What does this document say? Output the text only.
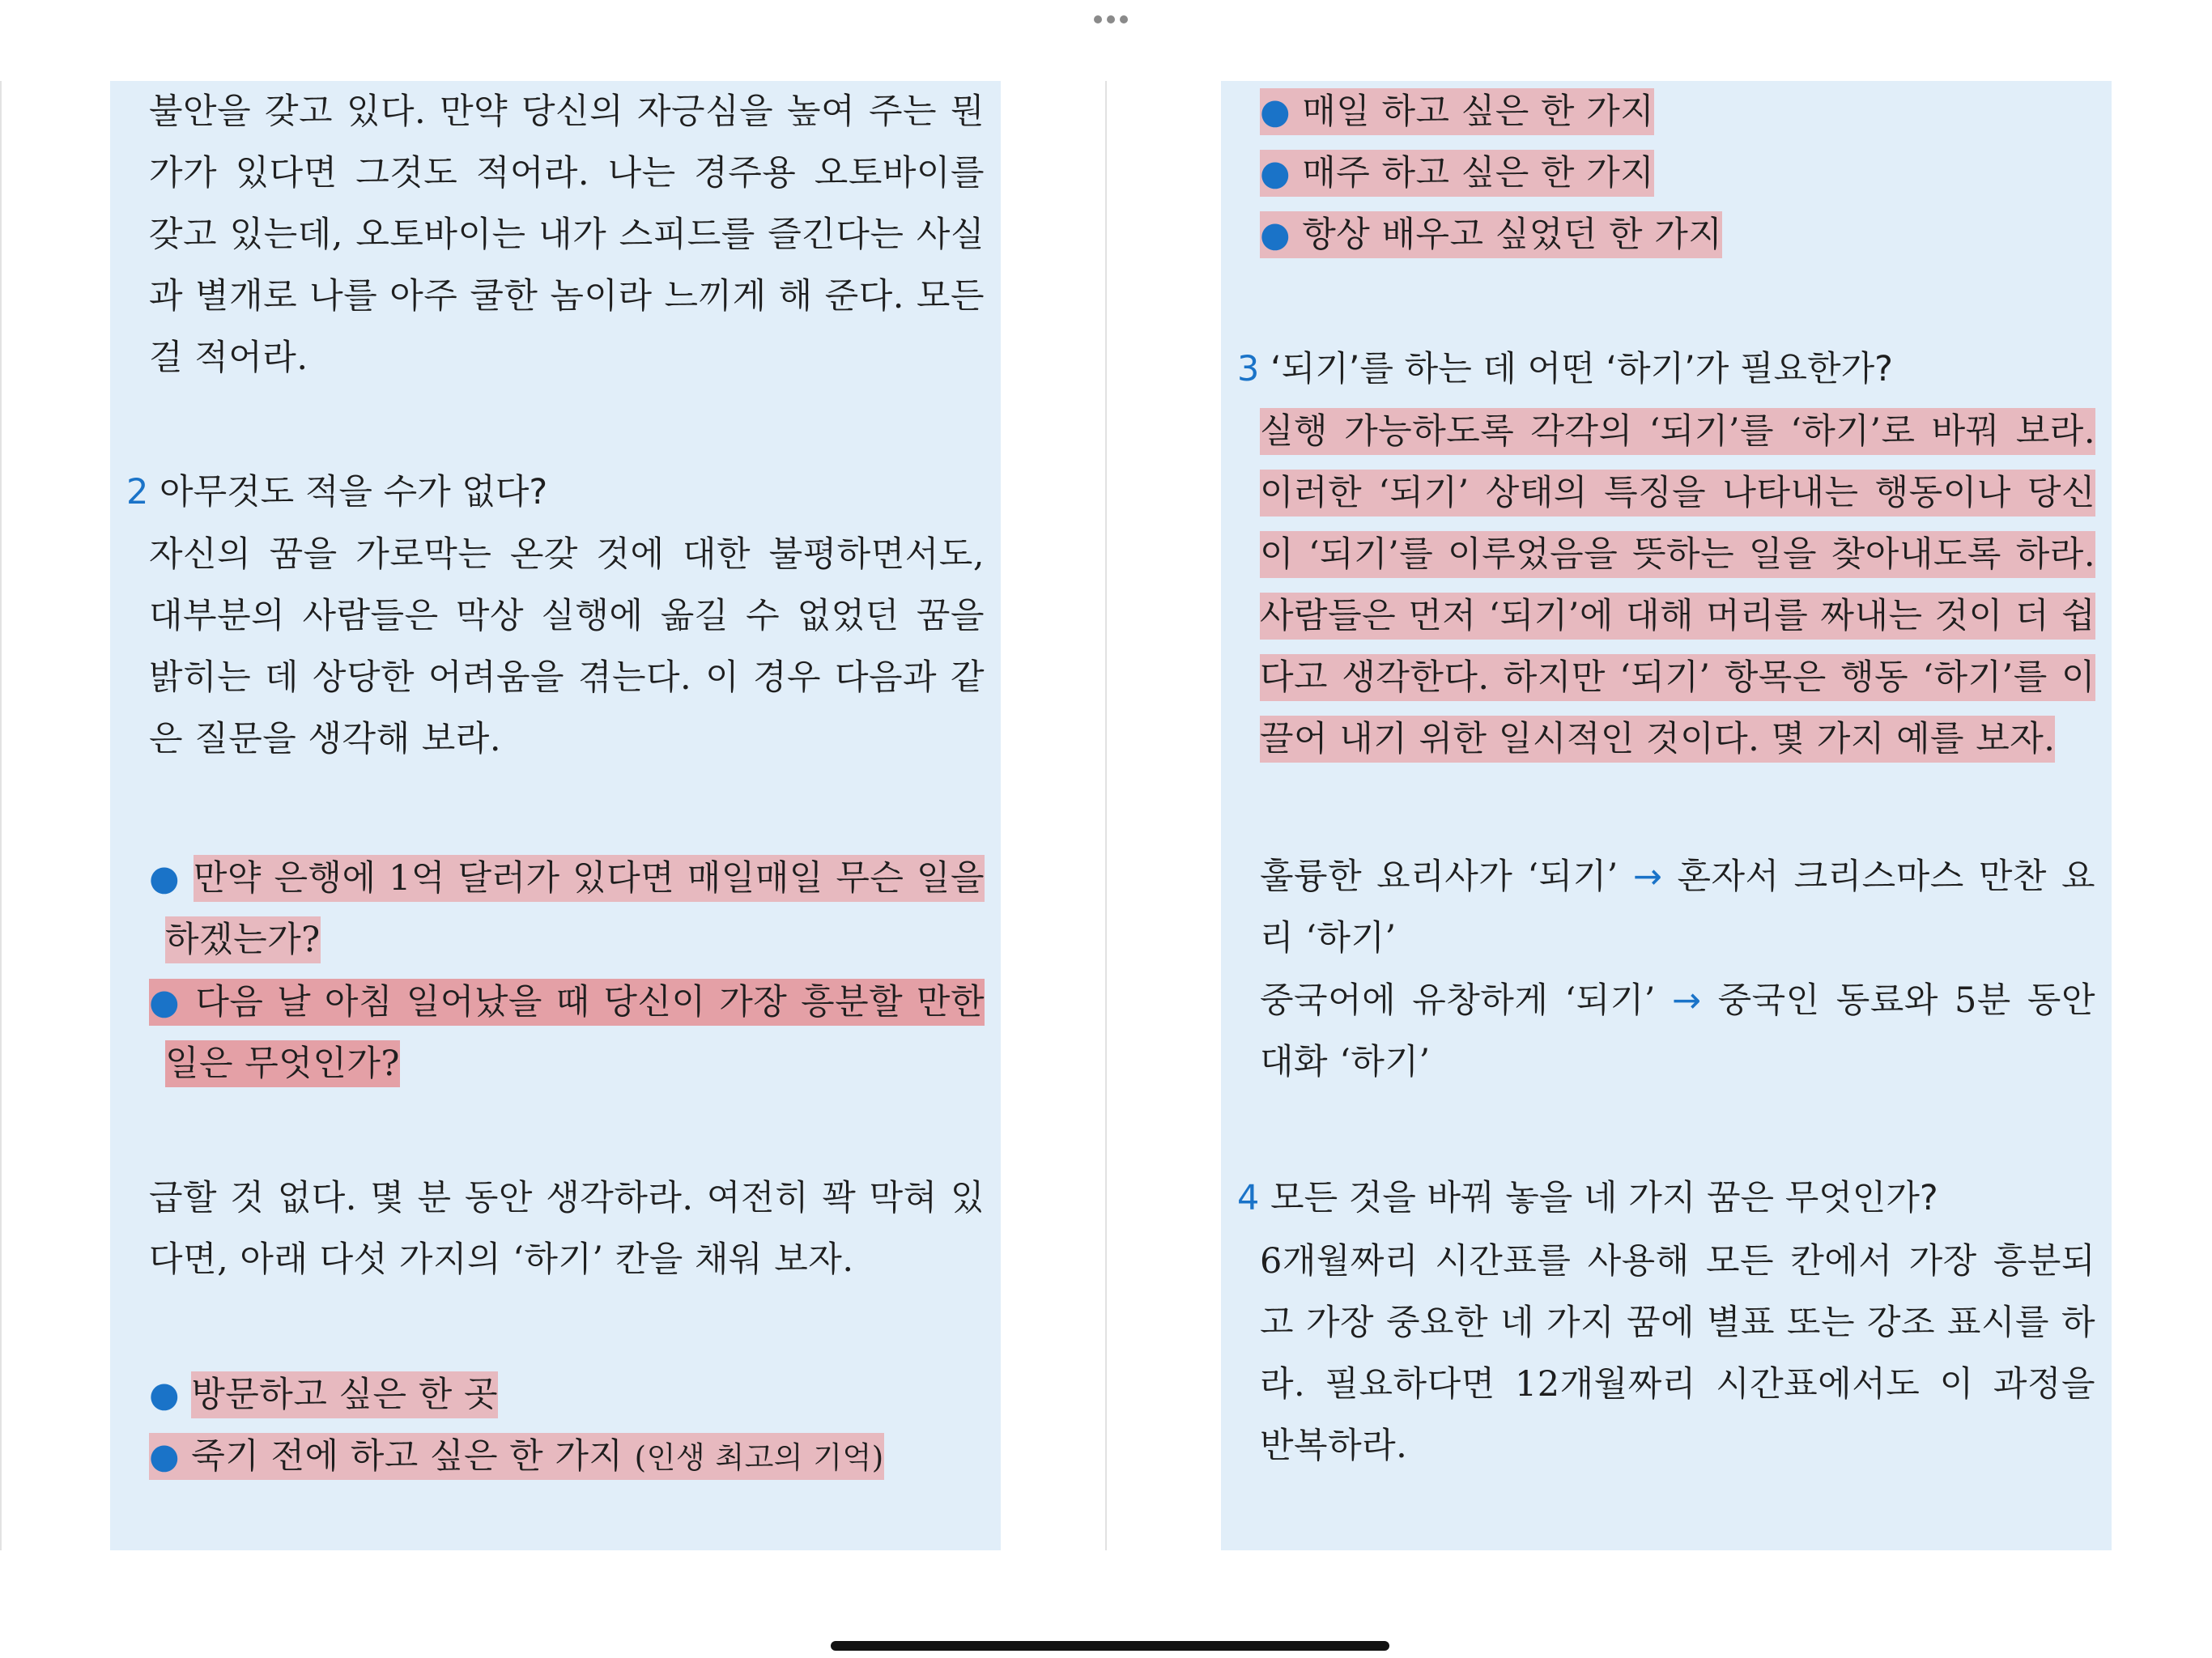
불안을 갖고 있다. 만약 당신의 자긍심을 높여 주는 뭔가가 있다면 그것도 적어라. 나는 경주용 오토바이를 갖고 있는데, 오토바이는 내가 스피드를 즐긴다는 사실과 별개로 나를 아주 쿨한 놈이라 느끼게 해 준다. 모든 걸 적어라.
2 아무것도 적을 수가 없다?
자신의 꿈을 가로막는 온갖 것에 대한 불평하면서도, 대부분의 사람들은 막상 실행에 옮길 수 없었던 꿈을 밝히는 데 상당한 어려움을 겪는다. 이 경우 다음과 같은 질문을 생각해 보라.
● 만약 은행에 1억 달러가 있다면 매일매일 무슨 일을 하겠는가?
● 다음 날 아침 일어났을 때 당신이 가장 흥분할 만한 일은 무엇인가?
급할 것 없다. 몇 분 동안 생각하라. 여전히 꽉 막혀 있다면, 아래 다섯 가지의 ‘하기’ 칸을 채워 보자.
● 방문하고 싶은 한 곳
● 죽기 전에 하고 싶은 한 가지 (인생 최고의 기억)
● 매일 하고 싶은 한 가지
● 매주 하고 싶은 한 가지
● 항상 배우고 싶었던 한 가지
3 ‘되기’를 하는 데 어떤 ‘하기’가 필요한가?
실행 가능하도록 각각의 ‘되기’를 ‘하기’로 바꿔 보라. 이러한 ‘되기’ 상태의 특징을 나타내는 행동이나 당신이 ‘되기’를 이루었음을 뜻하는 일을 찾아내도록 하라. 사람들은 먼저 ‘되기’에 대해 머리를 짜내는 것이 더 쉽다고 생각한다. 하지만 ‘되기’ 항목은 행동 ‘하기’를 이끌어 내기 위한 일시적인 것이다. 몇 가지 예를 보자.
훌륭한 요리사가 ‘되기’ → 혼자서 크리스마스 만찬 요리 ‘하기’
중국어에 유창하게 ‘되기’ → 중국인 동료와 5분 동안 대화 ‘하기’
4 모든 것을 바꿔 놓을 네 가지 꿈은 무엇인가?
6개월짜리 시간표를 사용해 모든 칸에서 가장 흥분되고 가장 중요한 네 가지 꿈에 별표 또는 강조 표시를 하라. 필요하다면 12개월짜리 시간표에서도 이 과정을 반복하라.
